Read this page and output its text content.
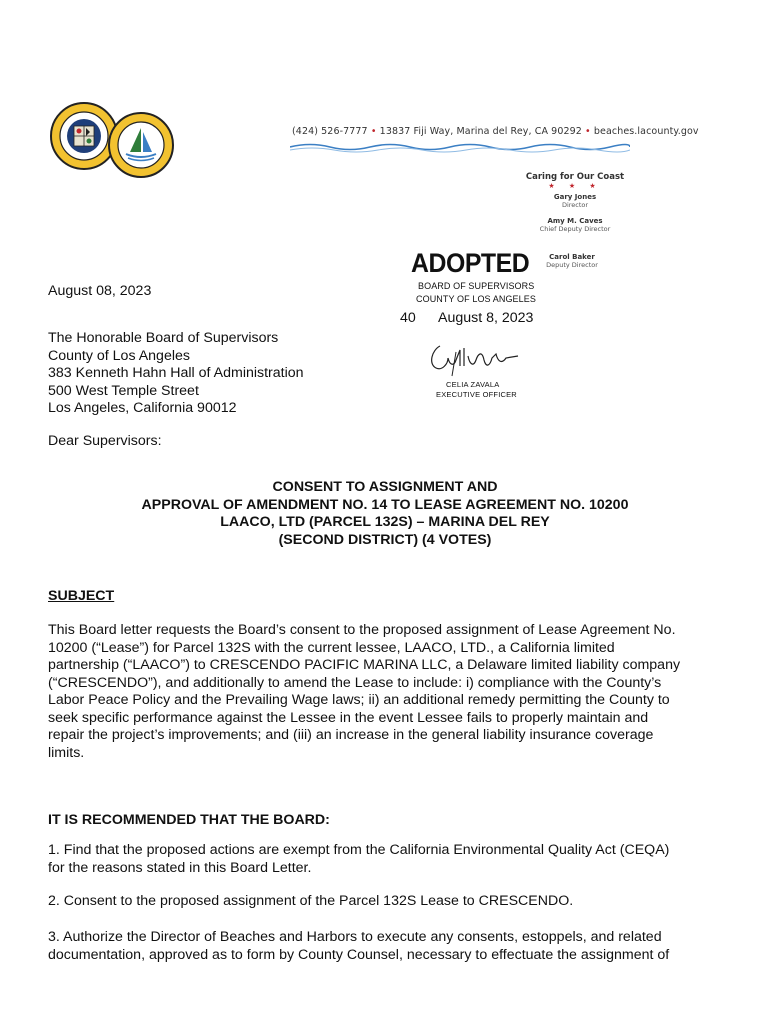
(424) 526-7777 • 13837 Fiji Way, Marina del Rey, CA 90292 • beaches.lacounty.gov
Caring for Our Coast
★ ★ ★
Gary Jones
Director
Amy M. Caves
Chief Deputy Director
Carol Baker
Deputy Director
ADOPTED
BOARD OF SUPERVISORS
COUNTY OF LOS ANGELES
40 August 8, 2023
CELIA ZAVALA
EXECUTIVE OFFICER
August 08, 2023
The Honorable Board of Supervisors
County of Los Angeles
383 Kenneth Hahn Hall of Administration
500 West Temple Street
Los Angeles, California 90012
Dear Supervisors:
CONSENT TO ASSIGNMENT AND
APPROVAL OF AMENDMENT NO. 14 TO LEASE AGREEMENT NO. 10200
LAACO, LTD (PARCEL 132S) – MARINA DEL REY
(SECOND DISTRICT) (4 VOTES)
SUBJECT
This Board letter requests the Board’s consent to the proposed assignment of Lease Agreement No.
10200 (“Lease”) for Parcel 132S with the current lessee, LAACO, LTD., a California limited
partnership (“LAACO”) to CRESCENDO PACIFIC MARINA LLC, a Delaware limited liability company
(“CRESCENDO”), and additionally to amend the Lease to include: i) compliance with the County’s
Labor Peace Policy and the Prevailing Wage laws; ii) an additional remedy permitting the County to
seek specific performance against the Lessee in the event Lessee fails to properly maintain and
repair the project’s improvements; and (iii) an increase in the general liability insurance coverage
limits.
IT IS RECOMMENDED THAT THE BOARD:
1. Find that the proposed actions are exempt from the California Environmental Quality Act (CEQA)
for the reasons stated in this Board Letter.
2. Consent to the proposed assignment of the Parcel 132S Lease to CRESCENDO.
3. Authorize the Director of Beaches and Harbors to execute any consents, estoppels, and related
documentation, approved as to form by County Counsel, necessary to effectuate the assignment of
